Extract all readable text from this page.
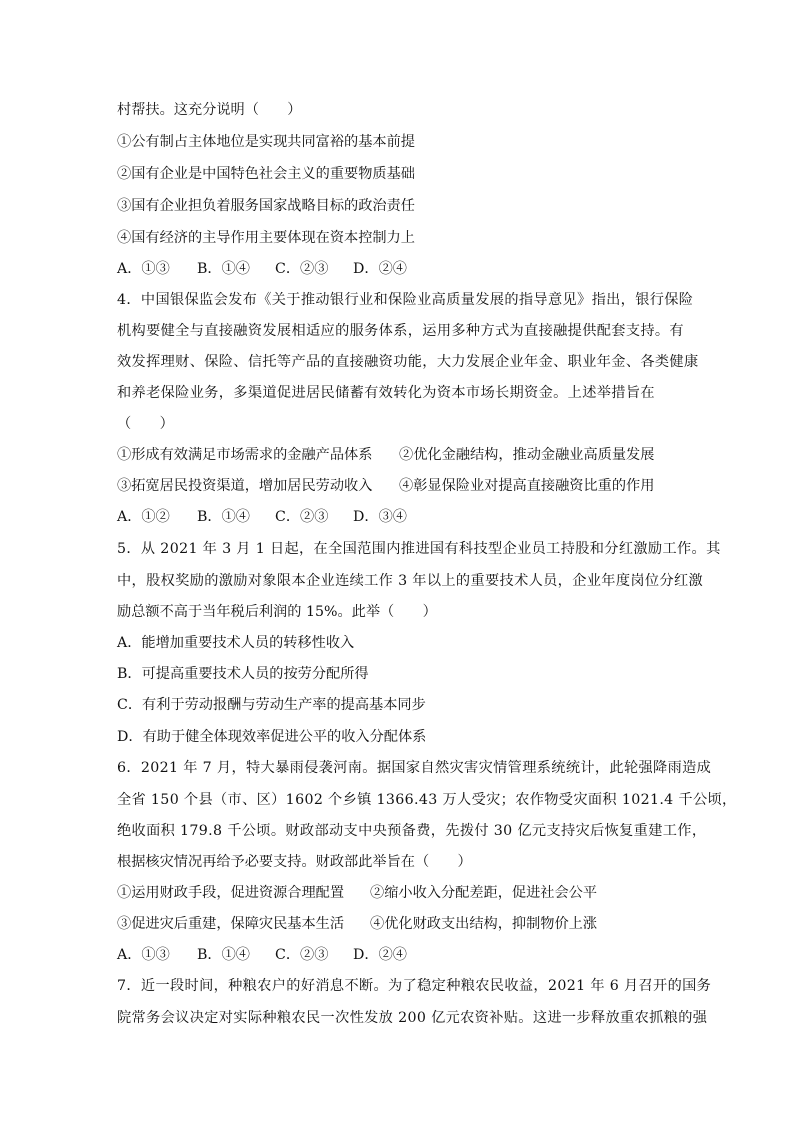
村帮扶。这充分说明（　　）
①公有制占主体地位是实现共同富裕的基本前提
②国有企业是中国特色社会主义的重要物质基础
③国有企业担负着服务国家战略目标的政治责任
④国有经济的主导作用主要体现在资本控制力上
A．①③ B．①④ C．②③ D．②④
4．中国银保监会发布《关于推动银行业和保险业高质量发展的指导意见》指出，银行保险
机构要健全与直接融资发展相适应的服务体系，运用多种方式为直接融提供配套支持。有
效发挥理财、保险、信托等产品的直接融资功能，大力发展企业年金、职业年金、各类健康
和养老保险业务，多渠道促进居民储蓄有效转化为资本市场长期资金。上述举措旨在
（　　）
①形成有效满足市场需求的金融产品体系 ②优化金融结构，推动金融业高质量发展
③拓宽居民投资渠道，增加居民劳动收入 ④彰显保险业对提高直接融资比重的作用
A．①② B．①④ C．②③ D．③④
5．从 2021 年 3 月 1 日起，在全国范围内推进国有科技型企业员工持股和分红激励工作。其
中，股权奖励的激励对象限本企业连续工作 3 年以上的重要技术人员，企业年度岗位分红激
励总额不高于当年税后利润的 15%。此举（　　）
A．能增加重要技术人员的转移性收入
B．可提高重要技术人员的按劳分配所得
C．有利于劳动报酬与劳动生产率的提高基本同步
D．有助于健全体现效率促进公平的收入分配体系
6．2021 年 7 月，特大暴雨侵袭河南。据国家自然灾害灾情管理系统统计，此轮强降雨造成
全省 150 个县（市、区）1602 个乡镇 1366.43 万人受灾；农作物受灾面积 1021.4 千公顷，
绝收面积 179.8 千公顷。财政部动支中央预备费，先拨付 30 亿元支持灾后恢复重建工作，
根据核灾情况再给予必要支持。财政部此举旨在（　　）
①运用财政手段，促进资源合理配置 ②缩小收入分配差距，促进社会公平
③促进灾后重建，保障灾民基本生活 ④优化财政支出结构，抑制物价上涨
A．①③ B．①④ C．②③ D．②④
7．近一段时间，种粮农户的好消息不断。为了稳定种粮农民收益，2021 年 6 月召开的国务
院常务会议决定对实际种粮农民一次性发放 200 亿元农资补贴。这进一步释放重农抓粮的强
